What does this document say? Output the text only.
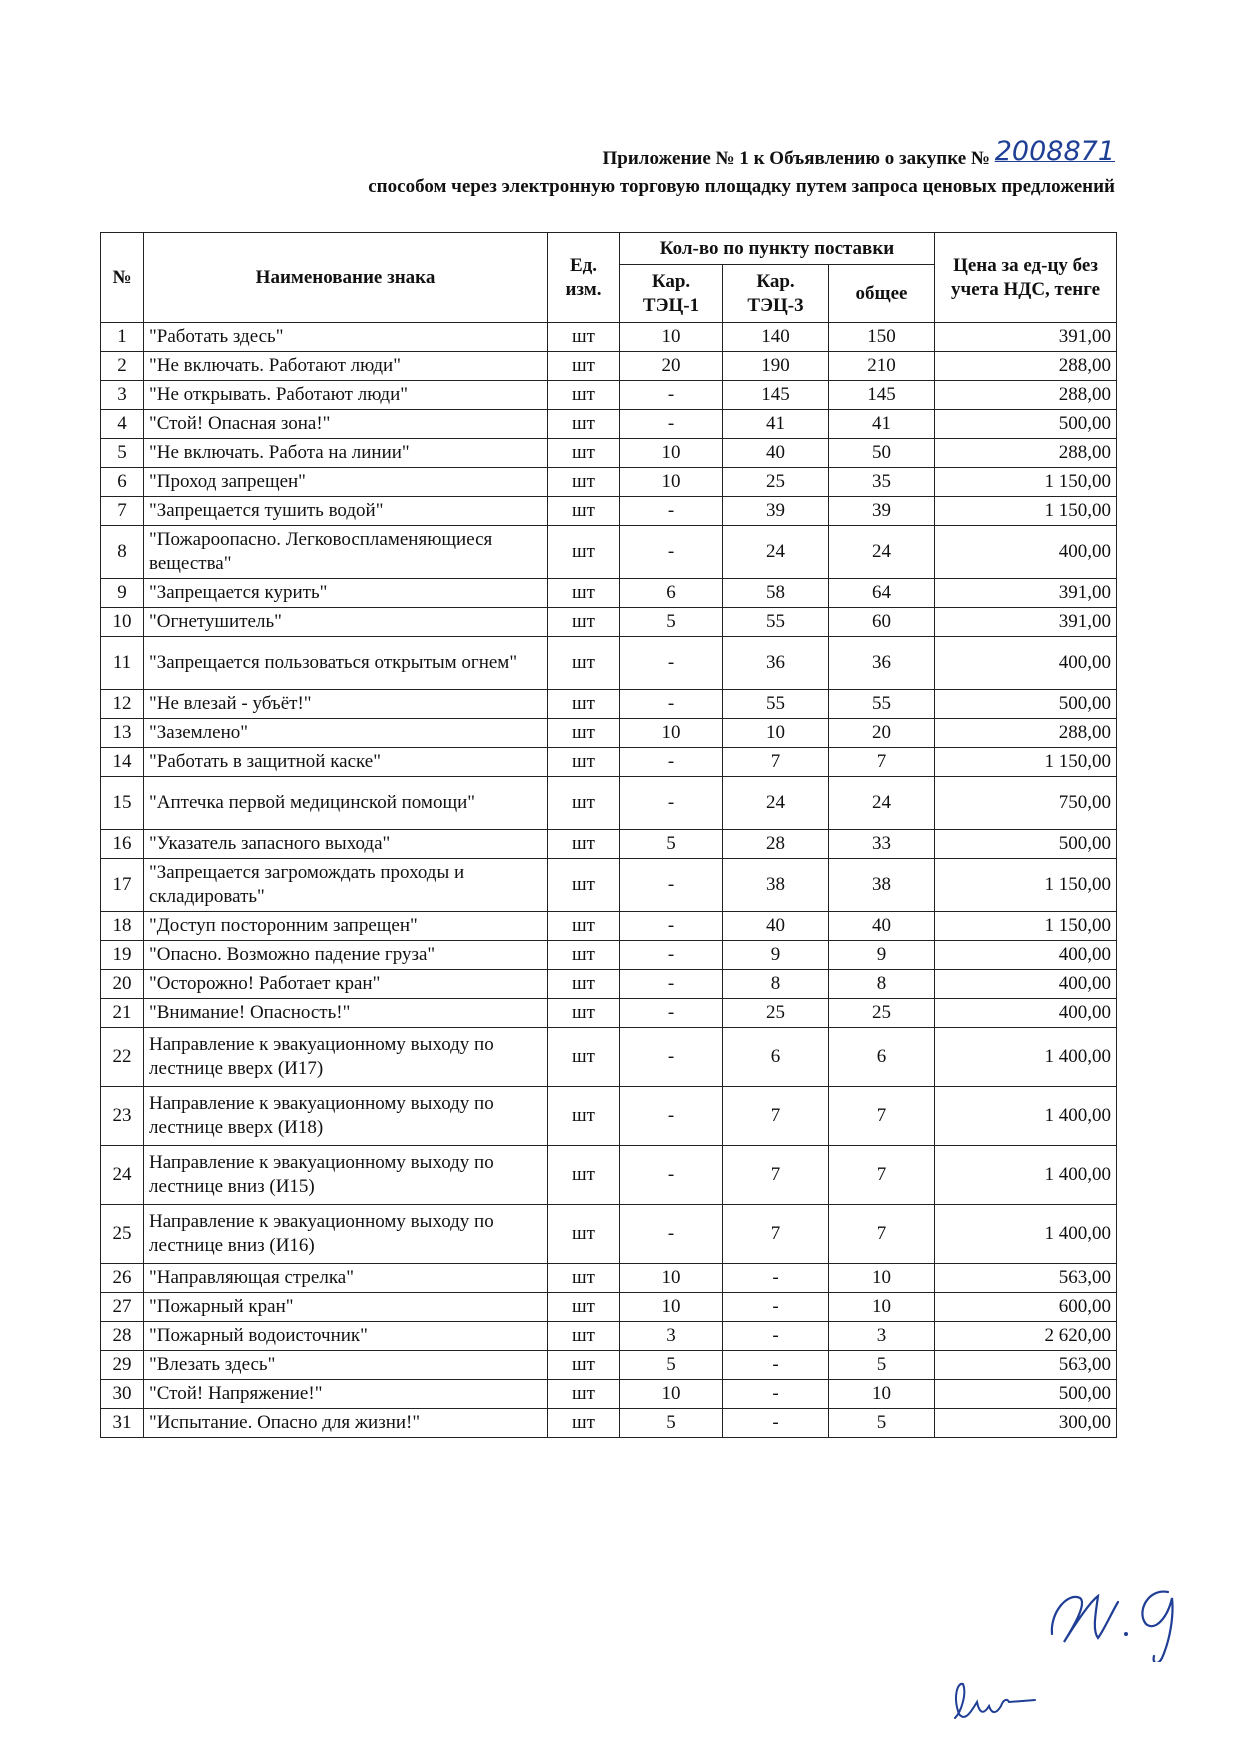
Приложение № 1 к Объявлению о закупке № 2008871
способом через электронную торговую площадку путем запроса ценовых предложений
№	Наименование знака	Ед. изм.	Кол-во по пункту поставки			Цена за ед-цу без учета НДС, тенге
			Кар. ТЭЦ-1	Кар. ТЭЦ-3	общее	
1	"Работать здесь"	шт	10	140	150	391,00
2	"Не включать. Работают люди"	шт	20	190	210	288,00
3	"Не открывать. Работают люди"	шт	-	145	145	288,00
4	"Стой! Опасная зона!"	шт	-	41	41	500,00
5	"Не включать. Работа на линии"	шт	10	40	50	288,00
6	"Проход запрещен"	шт	10	25	35	1 150,00
7	"Запрещается тушить водой"	шт	-	39	39	1 150,00
8	"Пожароопасно. Легковоспламеняющиеся вещества"	шт	-	24	24	400,00
9	"Запрещается курить"	шт	6	58	64	391,00
10	"Огнетушитель"	шт	5	55	60	391,00
11	"Запрещается пользоваться открытым огнем"	шт	-	36	36	400,00
12	"Не влезай - убъёт!"	шт	-	55	55	500,00
13	"Заземлено"	шт	10	10	20	288,00
14	"Работать в защитной каске"	шт	-	7	7	1 150,00
15	"Аптечка первой медицинской помощи"	шт	-	24	24	750,00
16	"Указатель запасного выхода"	шт	5	28	33	500,00
17	"Запрещается загромождать проходы и складировать"	шт	-	38	38	1 150,00
18	"Доступ посторонним запрещен"	шт	-	40	40	1 150,00
19	"Опасно. Возможно падение груза"	шт	-	9	9	400,00
20	"Осторожно! Работает кран"	шт	-	8	8	400,00
21	"Внимание! Опасность!"	шт	-	25	25	400,00
22	Направление к эвакуационному выходу по лестнице вверх (И17)	шт	-	6	6	1 400,00
23	Направление к эвакуационному выходу по лестнице вверх (И18)	шт	-	7	7	1 400,00
24	Направление к эвакуационному выходу по лестнице вниз (И15)	шт	-	7	7	1 400,00
25	Направление к эвакуационному выходу по лестнице вниз (И16)	шт	-	7	7	1 400,00
26	"Направляющая стрелка"	шт	10	-	10	563,00
27	"Пожарный кран"	шт	10	-	10	600,00
28	"Пожарный водоисточник"	шт	3	-	3	2 620,00
29	"Влезать здесь"	шт	5	-	5	563,00
30	"Стой! Напряжение!"	шт	10	-	10	500,00
31	"Испытание. Опасно для жизни!"	шт	5	-	5	300,00
